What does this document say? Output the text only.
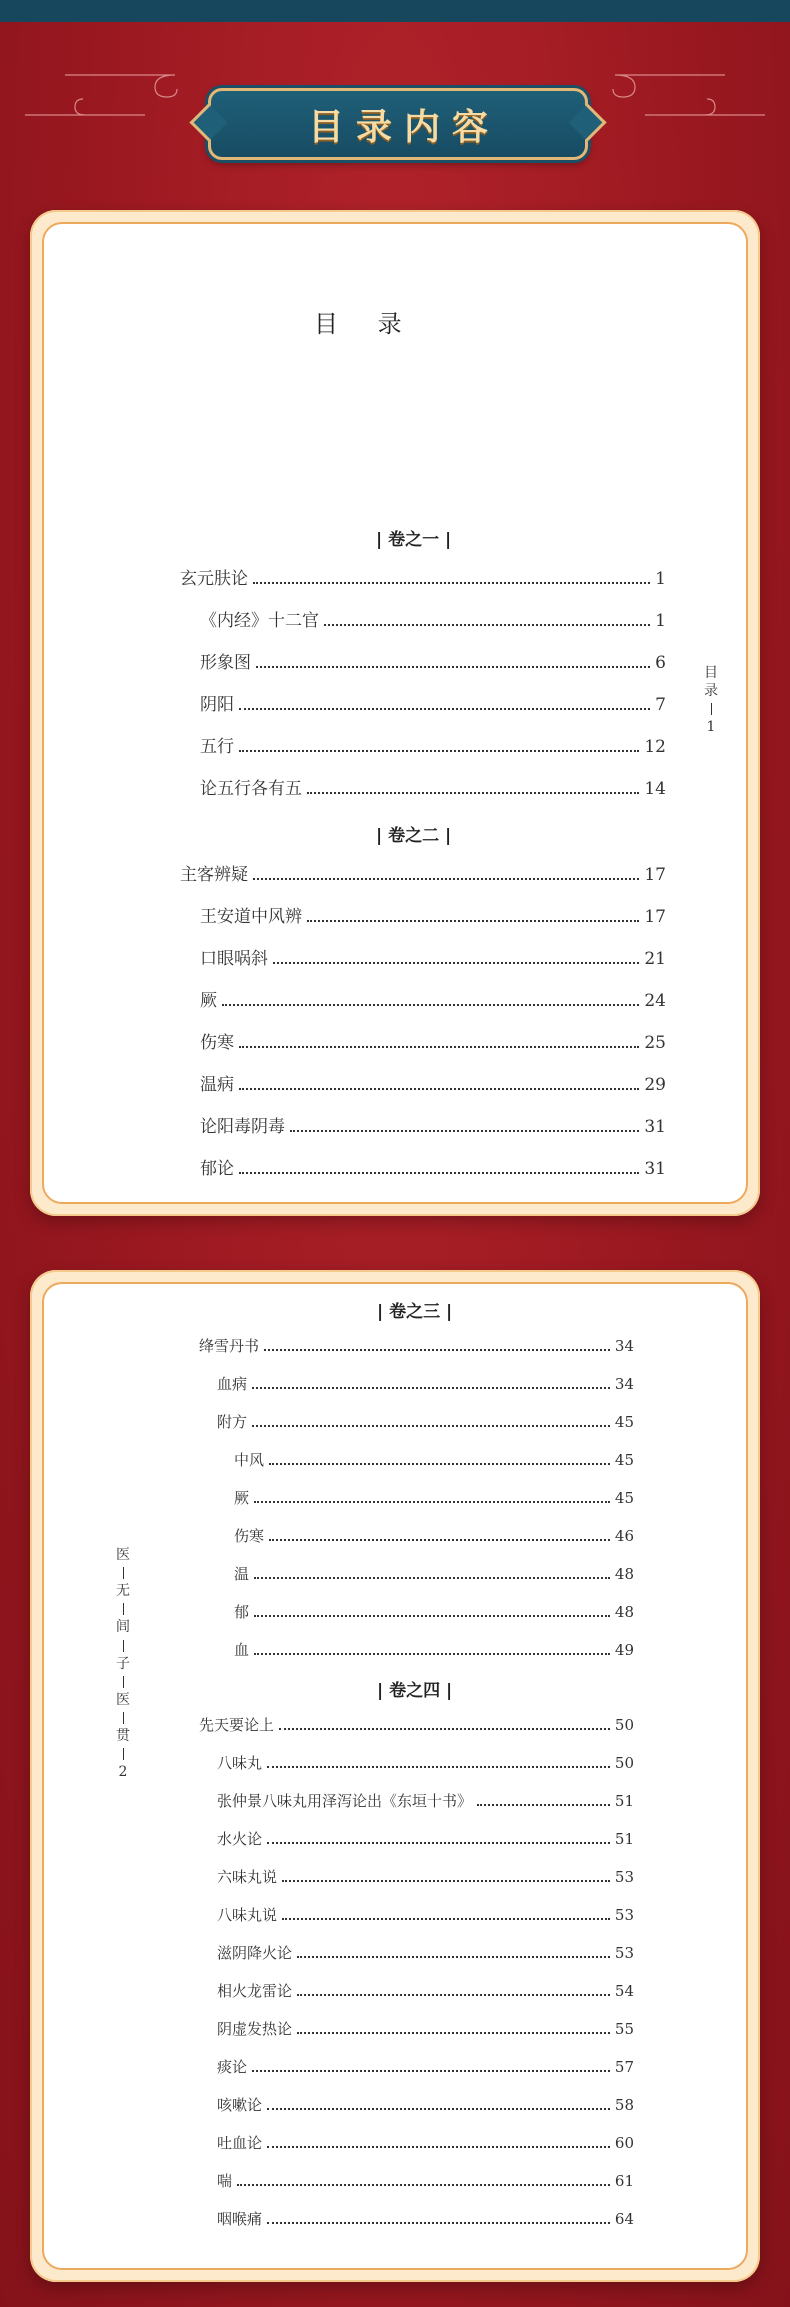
目录内容
目 录
| 卷之一 |
玄元肤论	1
《内经》十二官	1
形象图	6
阴阳	7
五行	12
论五行各有五	14
| 卷之二 |
主客辨疑	17
王安道中风辨	17
口眼㖞斜	21
厥	24
伤寒	25
温病	29
论阳毒阴毒	31
郁论	31
目
录
1
| 卷之三 |
绛雪丹书	34
血病	34
附方	45
中风	45
厥	45
伤寒	46
温	48
郁	48
血	49
| 卷之四 |
先天要论上	50
八味丸	50
张仲景八味丸用泽泻论出《东垣十书》	51
水火论	51
六味丸说	53
八味丸说	53
滋阴降火论	53
相火龙雷论	54
阴虚发热论	55
痰论	57
咳嗽论	58
吐血论	60
喘	61
咽喉痛	64
医
无
闾
子
医
贯
2
